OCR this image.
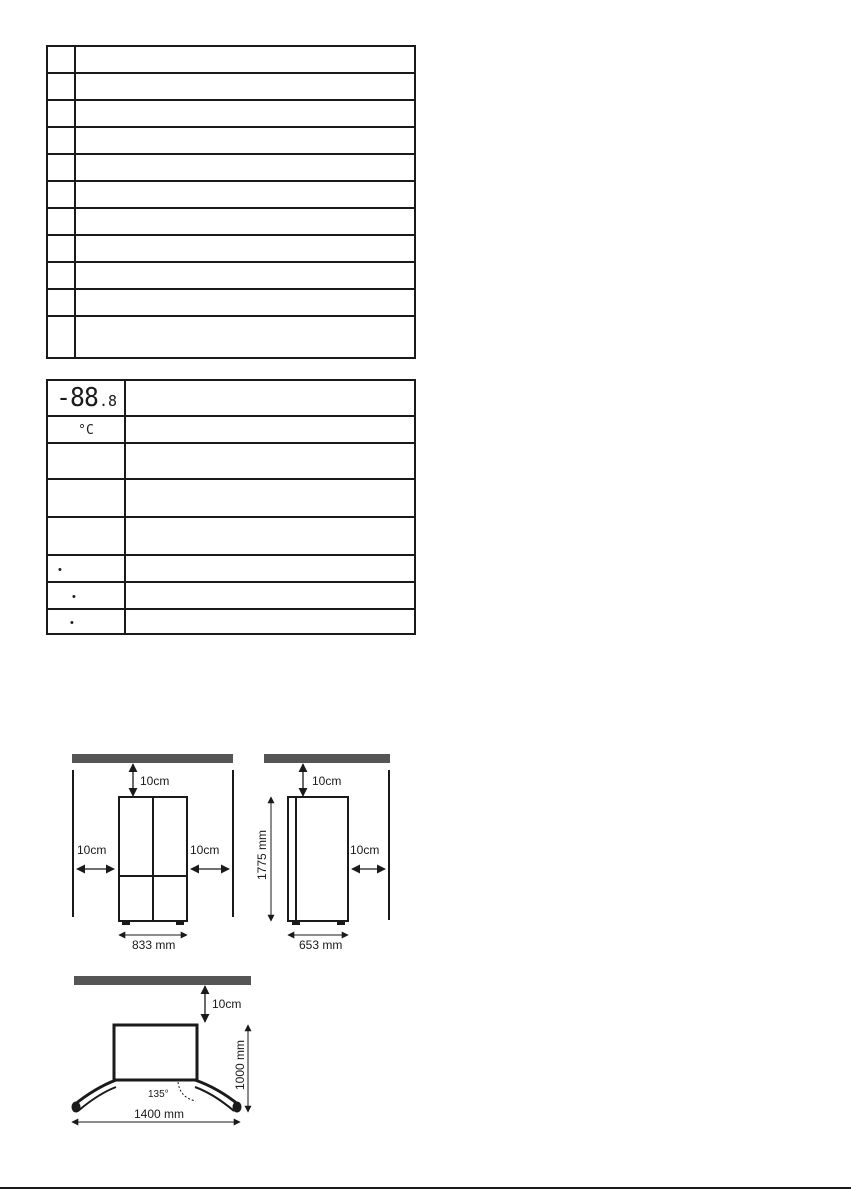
-88.8	
°C	

•	
•	
•	
10cm
10cm	10cm
833 mm
10cm
1775 mm	10cm
653 mm
10cm
135°
1000 mm
1400 mm
